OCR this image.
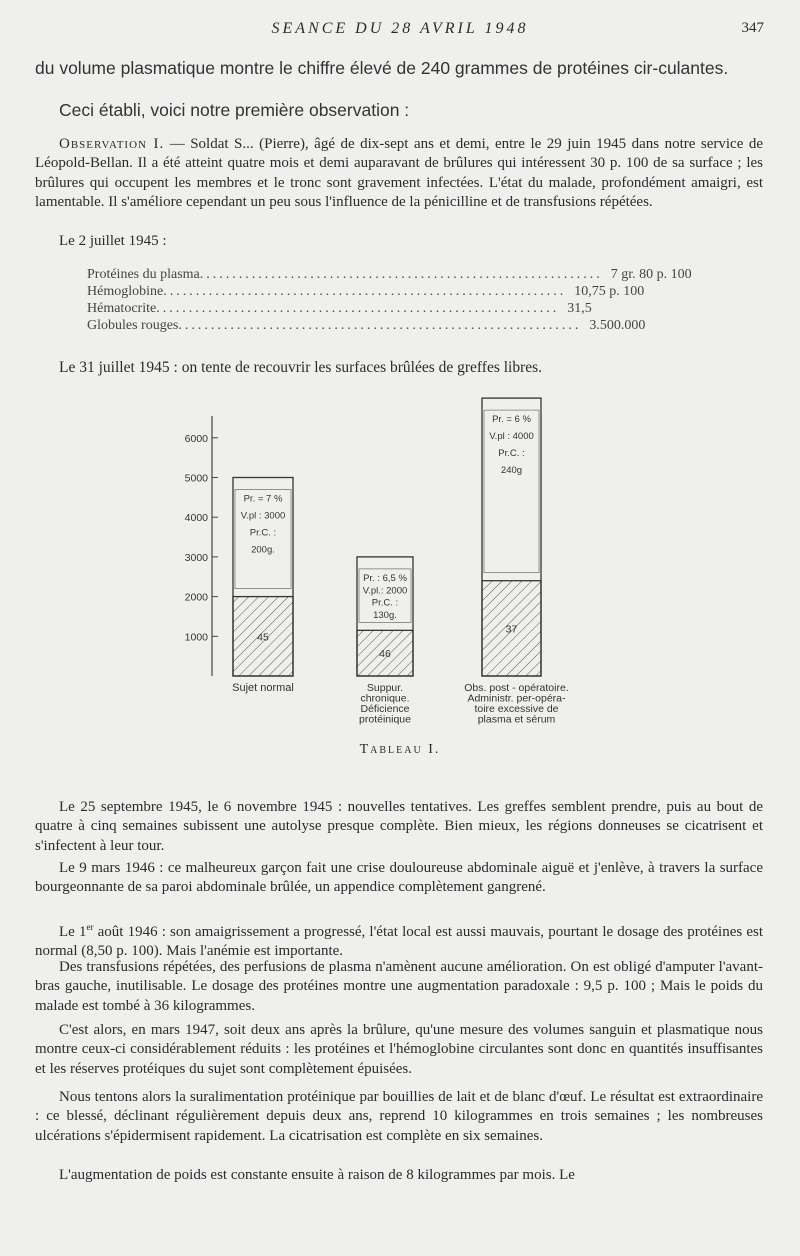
SEANCE DU 28 AVRIL 1948	347

du volume plasmatique montre le chiffre élevé de 240 grammes de protéines cir-culantes.

Ceci établi, voici notre première observation :

Observation I. — Soldat S... (Pierre), âgé de dix-sept ans et demi, entre le 29 juin 1945 dans notre service de Léopold-Bellan. Il a été atteint quatre mois et demi auparavant de brûlures qui intéressent 30 p. 100 de sa surface ; les brûlures qui occupent les membres et le tronc sont gravement infectées. L'état du malade, profondément amaigri, est lamentable. Il s'améliore cependant un peu sous l'influence de la pénicilline et de transfusions répétées.

Le 2 juillet 1945 :

Protéines du plasma .............................................................. 7 gr. 80 p. 100
Hémoglobine .............................................................. 10,75 p. 100
Hématocrite .............................................................. 31,5
Globules rouges .............................................................. 3.500.000

Le 31 juillet 1945 : on tente de recouvrir les surfaces brûlées de greffes libres.

6000
5000
4000
3000
2000
1000
Pr. = 7 %
V.pl : 3000
Pr.C. :
200g.
45
Sujet normal
Pr. : 6,5 %
V.pl.: 2000
Pr.C. :
130g.
46
Suppur.
chronique.
Déficience
protéinique
Pr. = 6 %
V.pl : 4000
Pr.C. :
240g
37
Obs. post - opératoire.
Administr. per-opéra-
toire excessive de
plasma et sérum
Tableau I.

Le 25 septembre 1945, le 6 novembre 1945 : nouvelles tentatives. Les greffes semblent prendre, puis au bout de quatre à cinq semaines subissent une autolyse presque complète. Bien mieux, les régions donneuses se cicatrisent et s'infectent à leur tour.

Le 9 mars 1946 : ce malheureux garçon fait une crise douloureuse abdominale aiguë et j'enlève, à travers la surface bourgeonnante de sa paroi abdominale brûlée, un appendice complètement gangrené.

Le 1er août 1946 : son amaigrissement a progressé, l'état local est aussi mauvais, pourtant le dosage des protéines est normal (8,50 p. 100). Mais l'anémie est importante.

Des transfusions répétées, des perfusions de plasma n'amènent aucune amélioration. On est obligé d'amputer l'avant-bras gauche, inutilisable. Le dosage des protéines montre une augmentation paradoxale : 9,5 p. 100 ; Mais le poids du malade est tombé à 36 kilogrammes.

C'est alors, en mars 1947, soit deux ans après la brûlure, qu'une mesure des volumes sanguin et plasmatique nous montre ceux-ci considérablement réduits : les protéines et l'hémoglobine circulantes sont donc en quantités insuffisantes et les réserves protéiques du sujet sont complètement épuisées.

Nous tentons alors la suralimentation protéinique par bouillies de lait et de blanc d'œuf. Le résultat est extraordinaire : ce blessé, déclinant régulièrement depuis deux ans, reprend 10 kilogrammes en trois semaines ; les nombreuses ulcérations s'épidermisent rapidement. La cicatrisation est complète en six semaines.

L'augmentation de poids est constante ensuite à raison de 8 kilogrammes par mois. Le
